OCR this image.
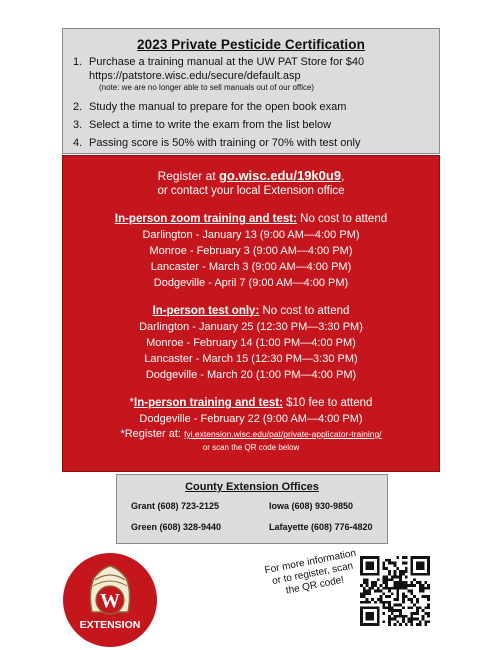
2023 Private Pesticide Certification
1. Purchase a training manual at the UW PAT Store for $40
https://patstore.wisc.edu/secure/default.asp
(note: we are no longer able to sell manuals out of our office)
2. Study the manual to prepare for the open book exam
3. Select a time to write the exam from the list below
4. Passing score is 50% with training or 70% with test only
Register at go.wisc.edu/19k0u9,
or contact your local Extension office
In-person zoom training and test: No cost to attend
Darlington - January 13 (9:00 AM—4:00 PM)
Monroe - February 3 (9:00 AM—4:00 PM)
Lancaster - March 3 (9:00 AM—4:00 PM)
Dodgeville - April 7 (9:00 AM—4:00 PM)
In-person test only: No cost to attend
Darlington - January 25 (12:30 PM—3:30 PM)
Monroe - February 14 (1:00 PM—4:00 PM)
Lancaster - March 15 (12:30 PM—3:30 PM)
Dodgeville - March 20 (1:00 PM—4:00 PM)
*In-person training and test: $10 fee to attend
Dodgeville - February 22 (9:00 AM—4:00 PM)
*Register at: fyi.extension.wisc.edu/pat/private-applicator-training/
or scan the QR code below
County Extension Offices
Grant (608) 723-2125	Iowa (608) 930-9850
Green (608) 328-9440	Lafayette (608) 776-4820
W
EXTENSION
For more information or to register, scan the QR code!
